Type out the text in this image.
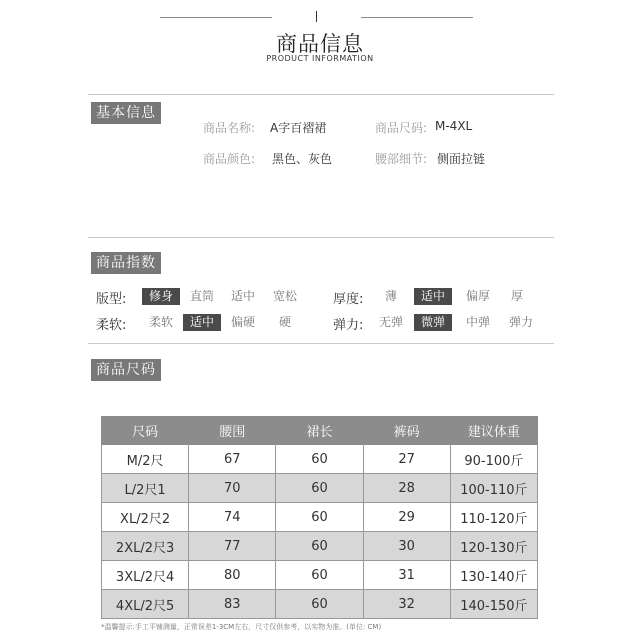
商品信息
PRODUCT INFORMATION
基本信息
商品名称: A字百褶裙	商品尺码: M-4XL
商品颜色: 黑色、灰色	腰部细节: 侧面拉链
商品指数
版型:	修身	直筒	适中	宽松	厚度:	薄	适中	偏厚	厚
柔软:	柔软	适中	偏硬	硬	弹力:	无弹	微弹	中弹	弹力
商品尺码
尺码	腰围	裙长	裤码	建议体重
M/2尺	67	60	27	90-100斤
L/2尺1	70	60	28	100-110斤
XL/2尺2	74	60	29	110-120斤
2XL/2尺3	77	60	30	120-130斤
3XL/2尺4	80	60	31	130-140斤
4XL/2尺5	83	60	32	140-150斤
*温馨提示:手工平铺测量，正常误差1-3CM左右，尺寸仅供参考，以实物为准。(单位: CM)
